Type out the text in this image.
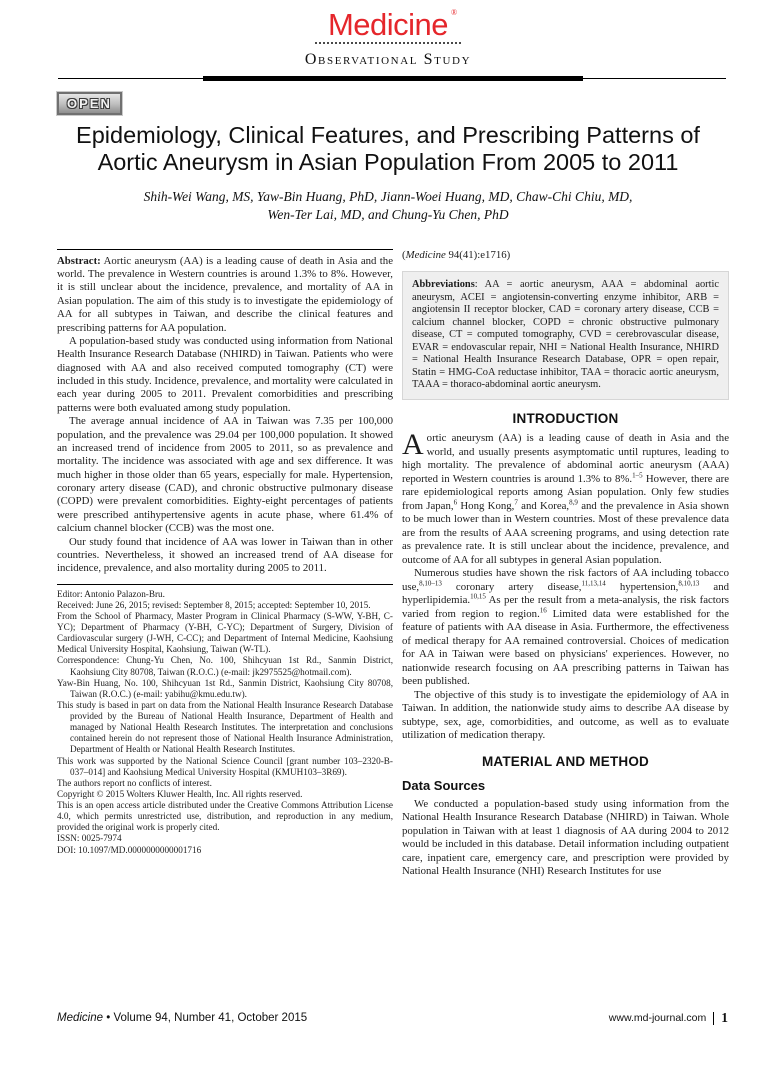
Medicine ®
Observational Study
OPEN
Epidemiology, Clinical Features, and Prescribing Patterns of
Aortic Aneurysm in Asian Population From 2005 to 2011
Shih-Wei Wang, MS, Yaw-Bin Huang, PhD, Jiann-Woei Huang, MD, Chaw-Chi Chiu, MD,
Wen-Ter Lai, MD, and Chung-Yu Chen, PhD

Abstract: Aortic aneurysm (AA) is a leading cause of death in Asia and the world. The prevalence in Western countries is around 1.3% to 8%. However, it is still unclear about the incidence, prevalence, and mortality of AA in Asian population. The aim of this study is to investigate the epidemiology of AA for all subtypes in Taiwan, and describe the clinical features and prescribing patterns for AA population.

A population-based study was conducted using information from National Health Insurance Research Database (NHIRD) in Taiwan. Patients who were diagnosed with AA and also received computed tomography (CT) were included in this study. Incidence, prevalence, and mortality were calculated in each year during 2005 to 2011. Prevalent comorbidities and prescribing patterns were both evaluated among study population.

The average annual incidence of AA in Taiwan was 7.35 per 100,000 population, and the prevalence was 29.04 per 100,000 population. It showed an increased trend of incidence from 2005 to 2011, so as prevalence and mortality. The incidence was associated with age and sex difference. It was much higher in those older than 65 years, especially for male. Hypertension, coronary artery disease (CAD), and chronic obstructive pulmonary disease (COPD) were prevalent comorbidities. Eighty-eight percentages of patients were prescribed antihypertensive agents in acute phase, where 61.4% of calcium channel blocker (CCB) was the most one.

Our study found that incidence of AA was lower in Taiwan than in other countries. Nevertheless, it showed an increased trend of AA disease for incidence, prevalence, and also mortality during 2005 to 2011.

Editor: Antonio Palazon-Bru.

Received: June 26, 2015; revised: September 8, 2015; accepted: September 10, 2015.

From the School of Pharmacy, Master Program in Clinical Pharmacy (S-WW, Y-BH, C-YC); Department of Pharmacy (Y-BH, C-YC); Department of Surgery, Division of Cardiovascular surgery (J-WH, C-CC); and Department of Internal Medicine, Kaohsiung Medical University Hospital, Kaohsiung, Taiwan (W-TL).

Correspondence: Chung-Yu Chen, No. 100, Shihcyuan 1st Rd., Sanmin District, Kaohsiung City 80708, Taiwan (R.O.C.) (e-mail: jk2975525@hotmail.com).

Yaw-Bin Huang, No. 100, Shihcyuan 1st Rd., Sanmin District, Kaohsiung City 80708, Taiwan (R.O.C.) (e-mail: yabihu@kmu.edu.tw).

This study is based in part on data from the National Health Insurance Research Database provided by the Bureau of National Health Insurance, Department of Health and managed by National Health Research Institutes. The interpretation and conclusions contained herein do not represent those of National Health Insurance Administration, Department of Health or National Health Research Institutes.

This work was supported by the National Science Council [grant number 103–2320-B-037–014] and Kaohsiung Medical University Hospital (KMUH103–3R69).

The authors report no conflicts of interest.

Copyright © 2015 Wolters Kluwer Health, Inc. All rights reserved.

This is an open access article distributed under the Creative Commons Attribution License 4.0, which permits unrestricted use, distribution, and reproduction in any medium, provided the original work is properly cited.

ISSN: 0025-7974

DOI: 10.1097/MD.0000000000001716

(Medicine 94(41):e1716)

Abbreviations: AA = aortic aneurysm, AAA = abdominal aortic aneurysm, ACEI = angiotensin-converting enzyme inhibitor, ARB = angiotensin II receptor blocker, CAD = coronary artery disease, CCB = calcium channel blocker, COPD = chronic obstructive pulmonary disease, CT = computed tomography, CVD = cerebrovascular disease, EVAR = endovascular repair, NHI = National Health Insurance, NHIRD = National Health Insurance Research Database, OPR = open repair, Statin = HMG-CoA reductase inhibitor, TAA = thoracic aortic aneurysm, TAAA = thoraco-abdominal aortic aneurysm.
INTRODUCTION

Aortic aneurysm (AA) is a leading cause of death in Asia and the world, and usually presents asymptomatic until ruptures, leading to high mortality. The prevalence of abdominal aortic aneurysm (AAA) reported in Western countries is around 1.3% to 8%.$^{1-5}$ However, there are rare epidemiological reports among Asian population. Only few studies from Japan,$^6$ Hong Kong,$^7$ and Korea,$^{8,9}$ and the prevalence in Asia shown to be much lower than in Western countries. Most of these prevalence data are from the results of AAA screening programs, and using detection rate as prevalence rate. It is still unclear about the incidence, prevalence, and outcome of AA for all subtypes in general Asian population.

Numerous studies have shown the risk factors of AA including tobacco use,$^{8,10-13}$ coronary artery disease,$^{11,13,14}$ hypertension,$^{8,10,13}$ and hyperlipidemia.$^{10,15}$ As per the result from a meta-analysis, the risk factors varied from region to region.$^{16}$ Limited data were established for the feature of patients with AA disease in Asia. Furthermore, the effectiveness of medical therapy for AA remained controversial. Choices of medication for AA in Taiwan were based on physicians' experiences. However, no nationwide research focusing on AA prescribing patterns in Taiwan has been published.

The objective of this study is to investigate the epidemiology of AA in Taiwan. In addition, the nationwide study aims to describe AA disease by subtype, sex, age, comorbidities, and outcome, as well as to evaluate utilization of medication therapy.

MATERIAL AND METHOD
Data Sources

We conducted a population-based study using information from the National Health Insurance Research Database (NHIRD) in Taiwan. Whole population in Taiwan with at least 1 diagnosis of AA during 2004 to 2012 would be included in this database. Detail information including outpatient care, inpatient care, emergency care, and prescription were provided by National Health Insurance (NHI) Research Institutes for use

Medicine • Volume 94, Number 41, October 2015	www.md-journal.com 1
